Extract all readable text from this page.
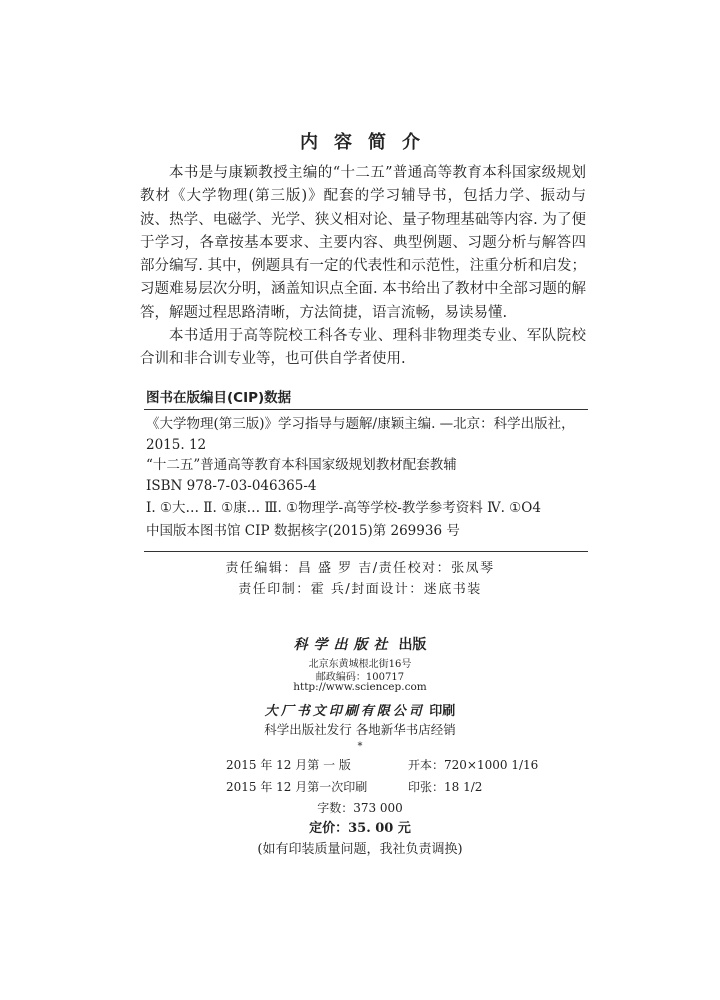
内容简介

本书是与康颖教授主编的“十二五”普通高等教育本科国家级规划教材《大学物理(第三版)》配套的学习辅导书，包括力学、振动与波、热学、电磁学、光学、狭义相对论、量子物理基础等内容. 为了便于学习，各章按基本要求、主要内容、典型例题、习题分析与解答四部分编写. 其中，例题具有一定的代表性和示范性，注重分析和启发；习题难易层次分明，涵盖知识点全面. 本书给出了教材中全部习题的解答，解题过程思路清晰，方法简捷，语言流畅，易读易懂.

本书适用于高等院校工科各专业、理科非物理类专业、军队院校合训和非合训专业等，也可供自学者使用.

图书在版编目(CIP)数据
《大学物理(第三版)》学习指导与题解/康颖主编. —北京：科学出版社，
2015. 12
“十二五”普通高等教育本科国家级规划教材配套教辅
ISBN 978-7-03-046365-4
Ⅰ. ①大… Ⅱ. ①康… Ⅲ. ①物理学-高等学校-教学参考资料 Ⅳ. ①O4
中国版本图书馆 CIP 数据核字(2015)第 269936 号
责任编辑：昌 盛 罗 吉/责任校对：张凤琴
责任印制：霍 兵/封面设计：迷底书装
科学出版社 出版
北京东黄城根北街16号
邮政编码：100717
http://www.sciencep.com
大厂书文印刷有限公司 印刷
科学出版社发行 各地新华书店经销
*
2015 年 12 月第 一 版	开本：720×1000 1/16
2015 年 12 月第一次印刷	印张：18 1/2
字数：373 000
定价：35. 00 元
(如有印装质量问题，我社负责调换)
